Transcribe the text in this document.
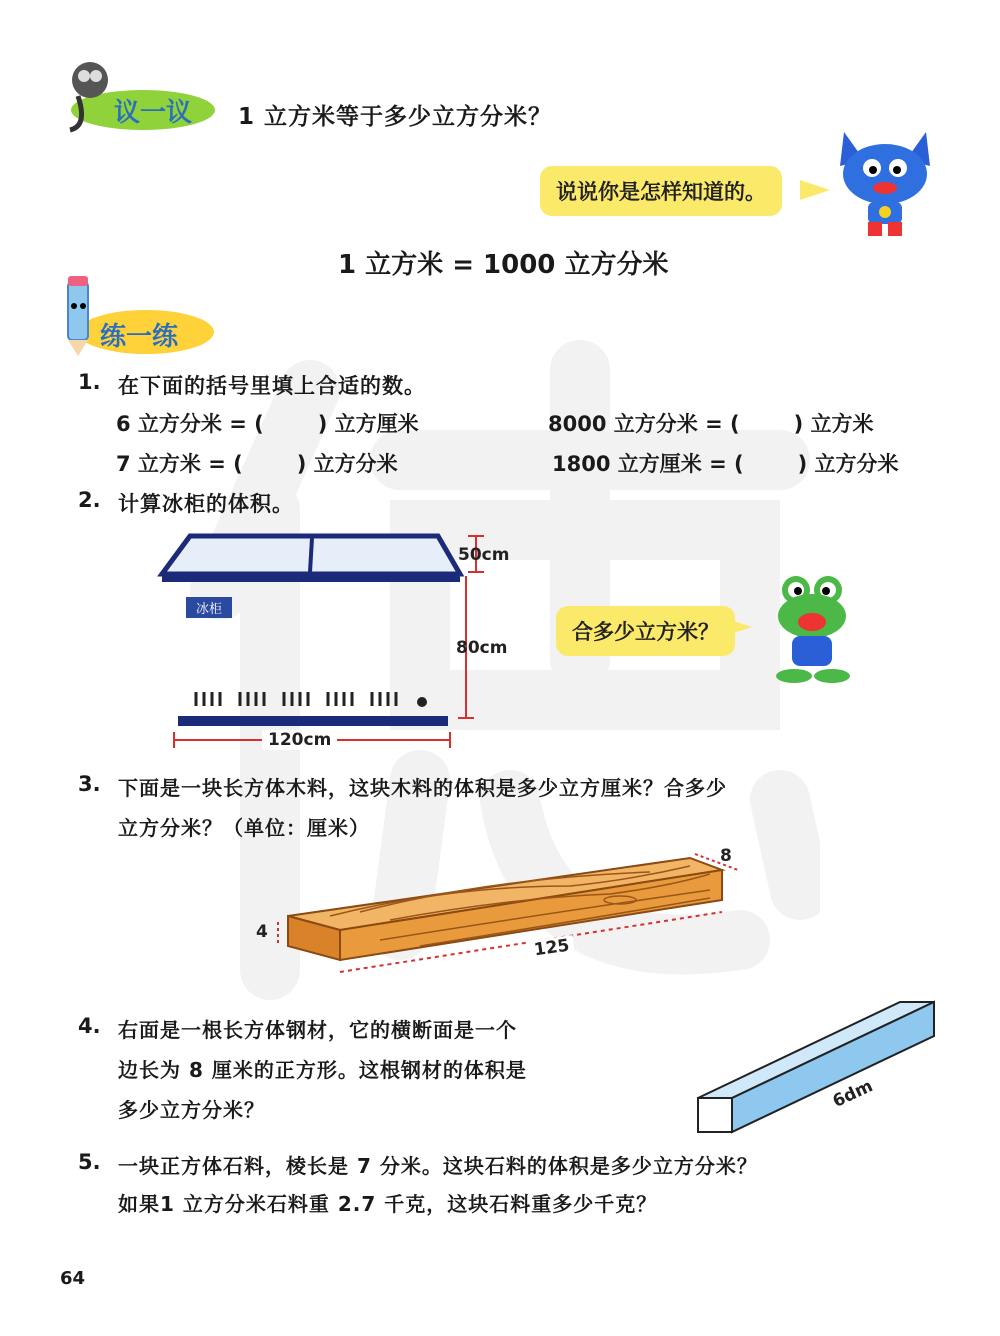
议一议 1 立方米等于多少立方分米？
说说你是怎样知道的。
1 立方米 = 1000 立方分米
练一练
1. 在下面的括号里填上合适的数。
6 立方分米 = (	) 立方厘米	8000 立方分米 = (	) 立方米
7 立方米 = (	) 立方分米	1800 立方厘米 = (	) 立方分米
2. 计算冰柜的体积。
冰柜
50cm
80cm
120cm
合多少立方米？
3. 下面是一块长方体木料，这块木料的体积是多少立方厘米？合多少
立方分米？（单位：厘米）
4
8
125
4. 右面是一根长方体钢材，它的横断面是一个
边长为 8 厘米的正方形。这根钢材的体积是
多少立方分米？	6dm
5. 一块正方体石料，棱长是 7 分米。这块石料的体积是多少立方分米？
如果1 立方分米石料重 2.7 千克，这块石料重多少千克？
64
